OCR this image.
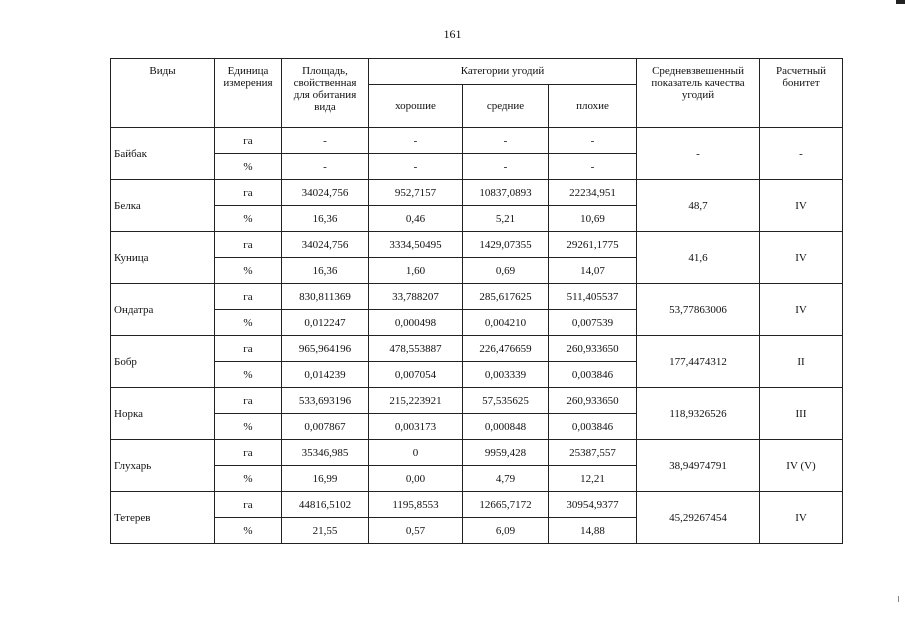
161
Виды	Единица измерения	Площадь, свойственная для обитания вида	Категории угодий			Средневзвешенный показатель качества угодий	Расчетный бонитет
			хорошие	средние	плохие		
Байбак	га	-	-	-	-	-	-
	%	-	-	-	-		
Белка	га	34024,756	952,7157	10837,0893	22234,951	48,7	IV
	%	16,36	0,46	5,21	10,69		
Куница	га	34024,756	3334,50495	1429,07355	29261,1775	41,6	IV
	%	16,36	1,60	0,69	14,07		
Ондатра	га	830,811369	33,788207	285,617625	511,405537	53,77863006	IV
	%	0,012247	0,000498	0,004210	0,007539		
Бобр	га	965,964196	478,553887	226,476659	260,933650	177,4474312	II
	%	0,014239	0,007054	0,003339	0,003846		
Норка	га	533,693196	215,223921	57,535625	260,933650	118,9326526	III
	%	0,007867	0,003173	0,000848	0,003846		
Глухарь	га	35346,985	0	9959,428	25387,557	38,94974791	IV (V)
	%	16,99	0,00	4,79	12,21		
Тетерев	га	44816,5102	1195,8553	12665,7172	30954,9377	45,29267454	IV
	%	21,55	0,57	6,09	14,88		
